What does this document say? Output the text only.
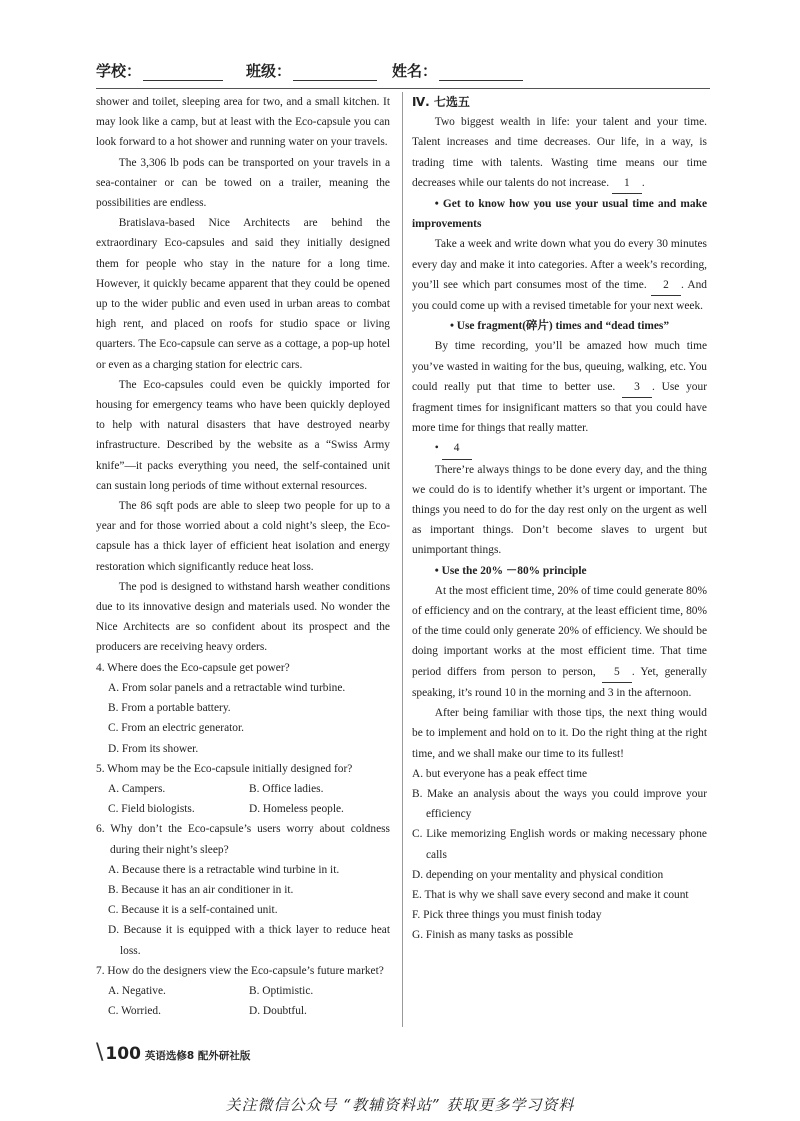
学校：	班级：	姓名：

shower and toilet, sleeping area for two, and a small kitchen. It may look like a camp, but at least with the Eco-capsule you can look forward to a hot shower and running water on your travels.

The 3,306 lb pods can be transported on your travels in a sea-container or can be towed on a trailer, meaning the possibilities are endless.

Bratislava-based Nice Architects are behind the extraordinary Eco-capsules and said they initially designed them for people who stay in the nature for a long time. However, it quickly became apparent that they could be opened up to the wider public and even used in urban areas to combat high rent, and placed on roofs for studio space or living quarters. The Eco-capsule can serve as a cottage, a pop-up hotel or even as a charging station for electric cars.

The Eco-capsules could even be quickly imported for housing for emergency teams who have been quickly deployed to help with natural disasters that have destroyed nearby infrastructure. Described by the website as a “Swiss Army knife”—it packs everything you need, the self-contained unit can sustain long periods of time without external resources.

The 86 sqft pods are able to sleep two people for up to a year and for those worried about a cold night’s sleep, the Eco-capsule has a thick layer of efficient heat isolation and energy restoration which significantly reduce heat loss.

The pod is designed to withstand harsh weather conditions due to its innovative design and materials used. No wonder the Nice Architects are so confident about its prospect and the producers are receiving heavy orders.

4. Where does the Eco-capsule get power?

A. From solar panels and a retractable wind turbine.

B. From a portable battery.

C. From an electric generator.

D. From its shower.

5. Whom may be the Eco-capsule initially designed for?

A. Campers.	B. Office ladies.
C. Field biologists.	D. Homeless people.

6. Why don’t the Eco-capsule’s users worry about coldness during their night’s sleep?

A. Because there is a retractable wind turbine in it.

B. Because it has an air conditioner in it.

C. Because it is a self-contained unit.

D. Because it is equipped with a thick layer to reduce heat loss.

7. How do the designers view the Eco-capsule’s future market?

A. Negative.	B. Optimistic.
C. Worried.	D. Doubtful.

Ⅳ. 七选五

Two biggest wealth in life: your talent and your time. Talent increases and time decreases. Our life, in a way, is trading time with talents. Wasting time means our time decreases while our talents do not increase. 1 .

• Get to know how you use your usual time and make improvements

Take a week and write down what you do every 30 minutes every day and make it into categories. After a week’s recording, you’ll see which part consumes most of the time. 2 . And you could come up with a revised timetable for your next week.

• Use fragment(碎片) times and “dead times”

By time recording, you’ll be amazed how much time you’ve wasted in waiting for the bus, queuing, walking, etc. You could really put that time to better use. 3 . Use your fragment times for insignificant matters so that you could have more time for things that really matter.

• 4

There’re always things to be done every day, and the thing we could do is to identify whether it’s urgent or important. The things you need to do for the day rest only on the urgent as well as important things. Don’t become slaves to urgent but unimportant things.

• Use the 20% －80% principle

At the most efficient time, 20% of time could generate 80% of efficiency and on the contrary, at the least efficient time, 80% of the time could only generate 20% of efficiency. We should be doing important works at the most efficient time. That time period differs from person to person, 5 . Yet, generally speaking, it’s round 10 in the morning and 3 in the afternoon.

After being familiar with those tips, the next thing would be to implement and hold on to it. Do the right thing at the right time, and we shall make our time to its fullest!

A. but everyone has a peak effect time

B. Make an analysis about the ways you could improve your efficiency

C. Like memorizing English words or making necessary phone calls

D. depending on your mentality and physical condition

E. That is why we shall save every second and make it count

F. Pick three things you must finish today

G. Finish as many tasks as possible

\ 100 英语选修8 配外研社版
关注微信公众号 “教辅资料站” 获取更多学习资料
